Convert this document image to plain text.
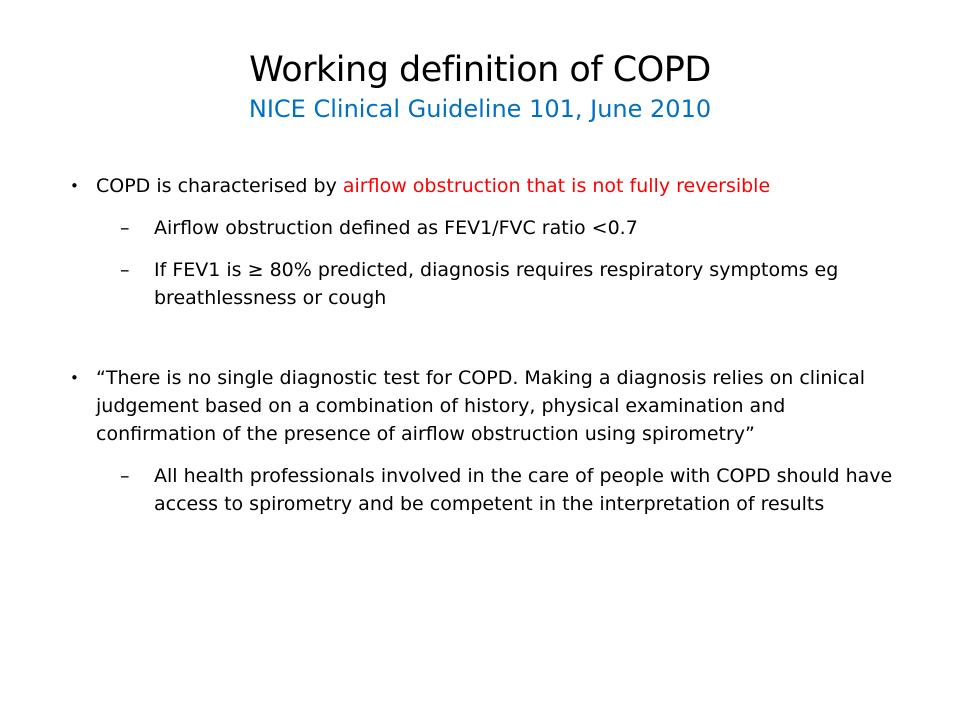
Working definition of COPD
NICE Clinical Guideline 101, June 2010
• COPD is characterised by airflow obstruction that is not fully reversible
– Airflow obstruction defined as FEV1/FVC ratio <0.7
– If FEV1 is ≥ 80% predicted, diagnosis requires respiratory symptoms eg breathlessness or cough
• “There is no single diagnostic test for COPD. Making a diagnosis relies on clinical judgement based on a combination of history, physical examination and confirmation of the presence of airflow obstruction using spirometry”
– All health professionals involved in the care of people with COPD should have access to spirometry and be competent in the interpretation of results
